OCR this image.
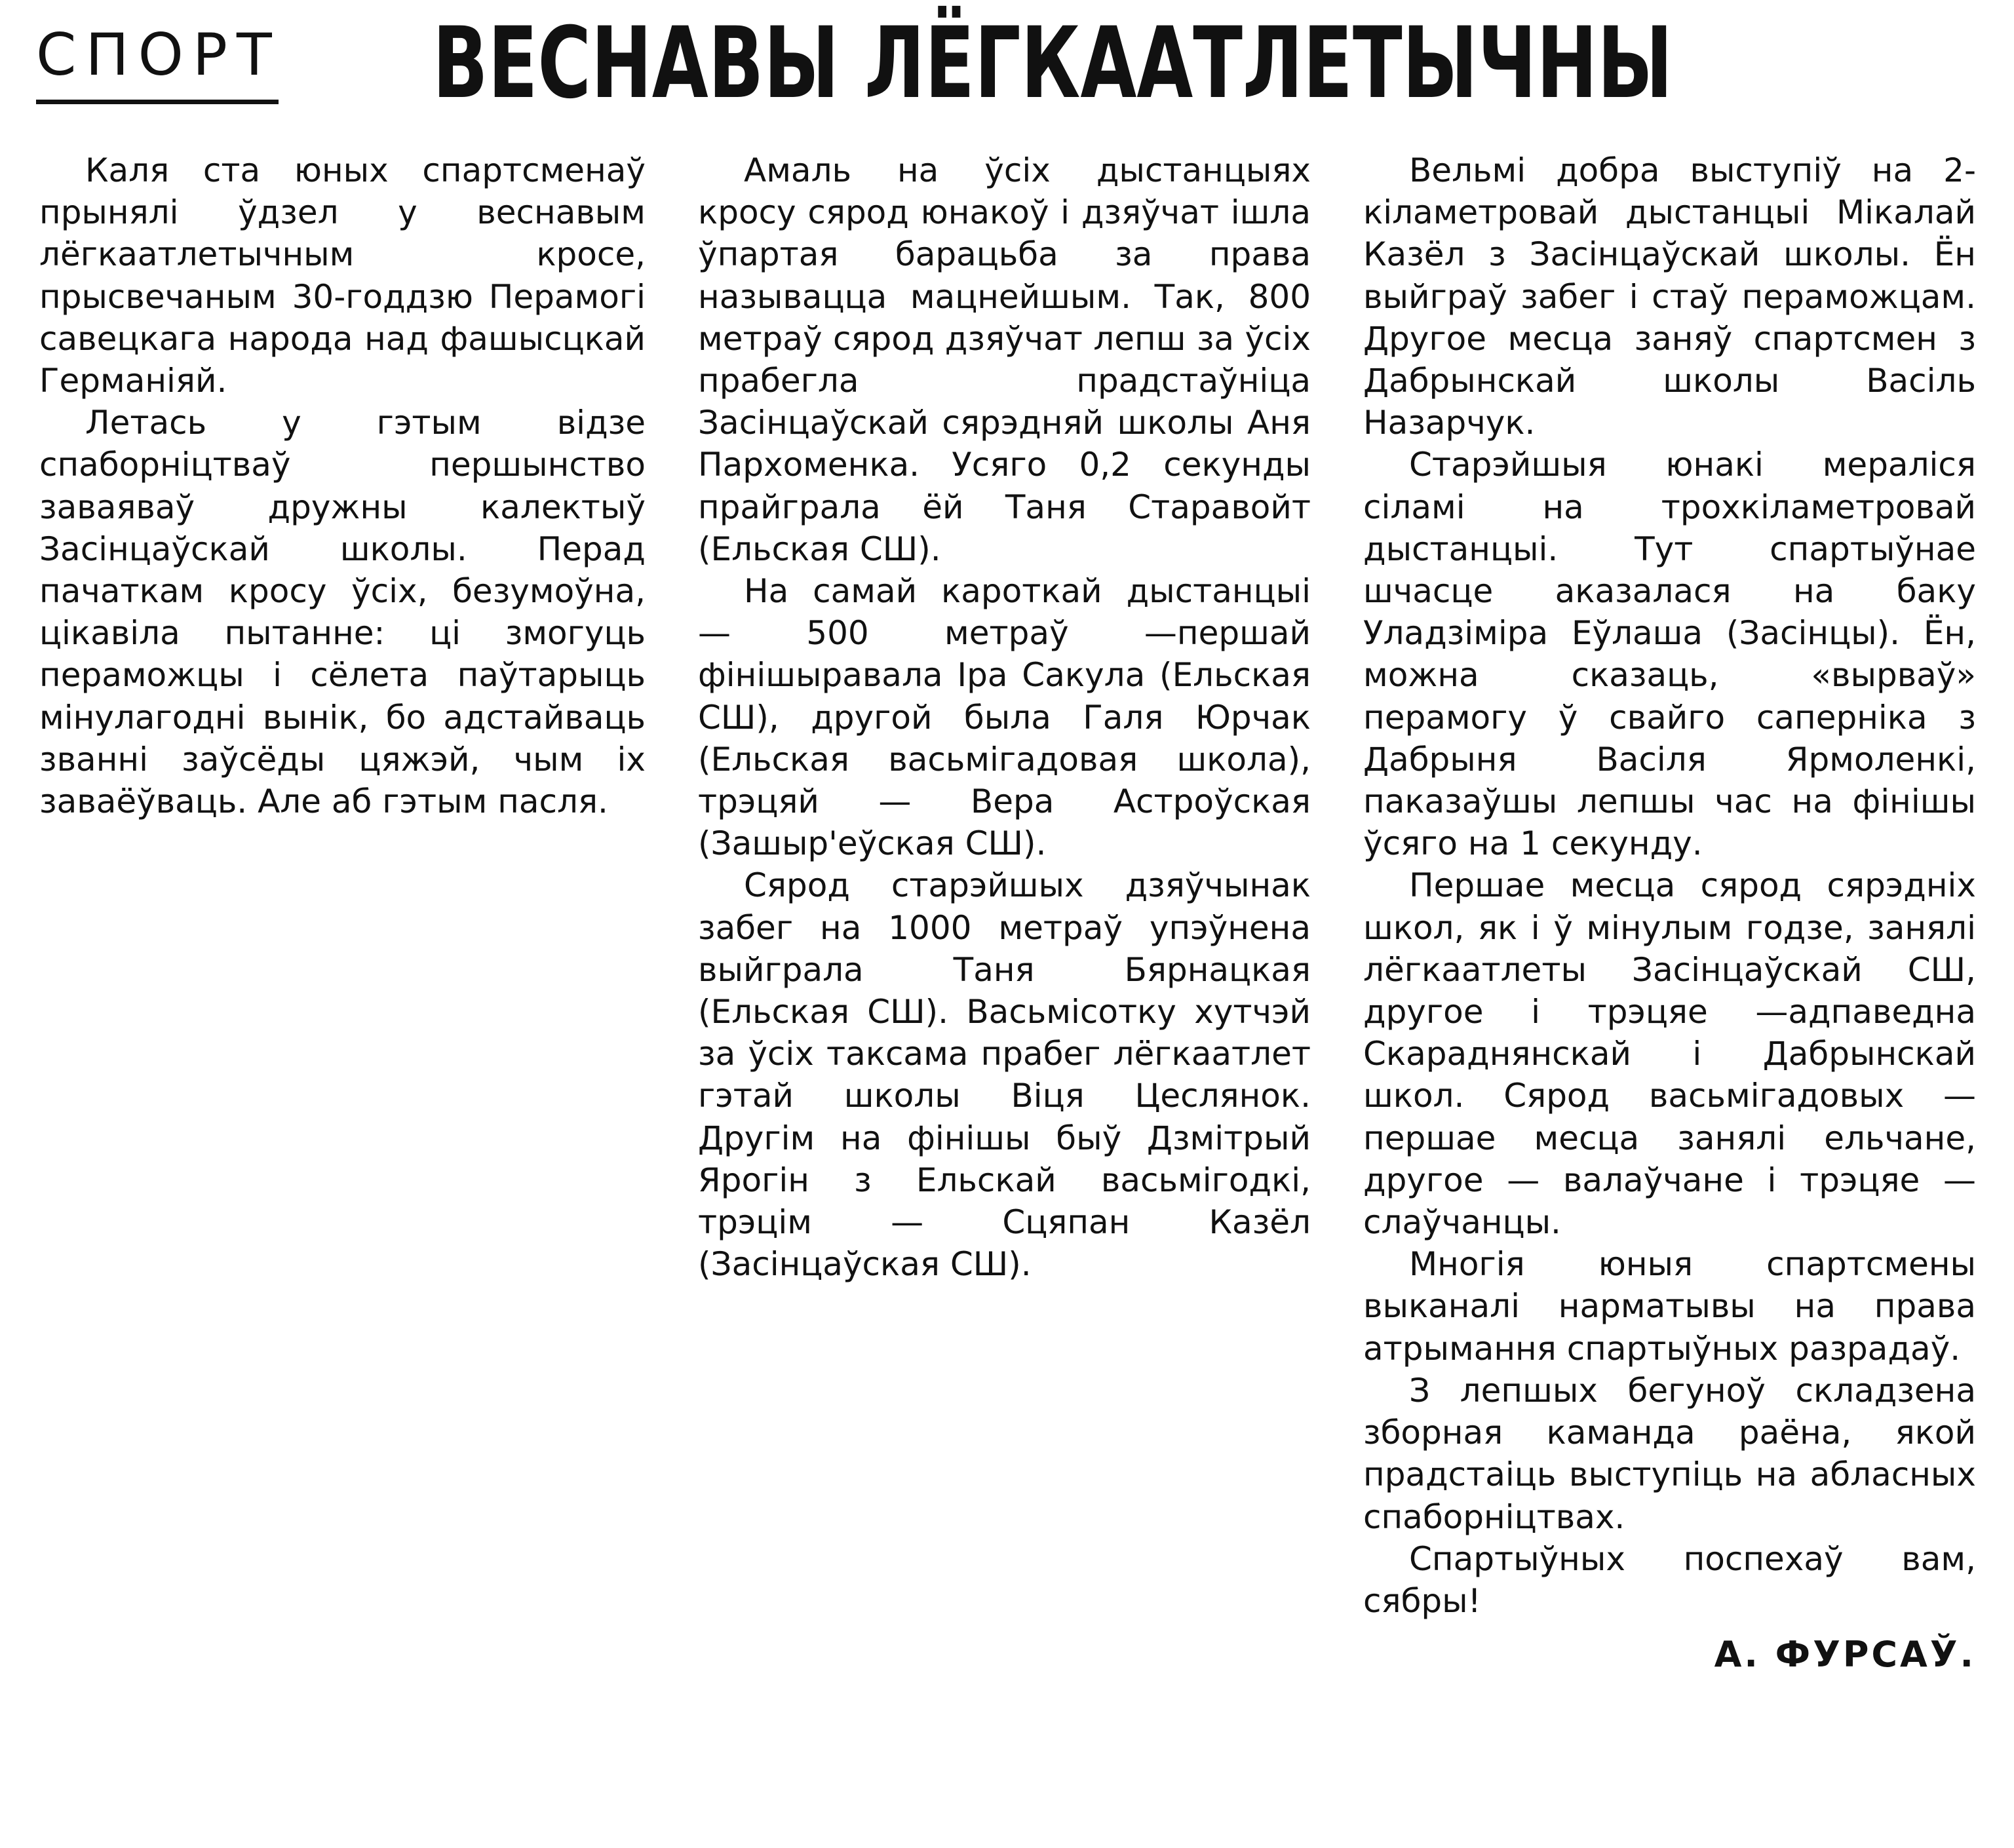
СПОРТ ВЕСНАВЫ ЛЁГКААТЛЕТЫЧНЫ

Каля ста юных спартсменаў прынялі ўдзел у веснавым лёгкаатлетычным кросе, прысвечаным 30-годдзю Перамогі савецкага народа над фашысцкай Германіяй.

Летась у гэтым відзе спаборніцтваў першынство заваяваў дружны калектыў Засінцаўскай школы. Перад пачаткам кросу ўсіх, безумоўна, цікавіла пытанне: ці змогуць пераможцы і сёлета паўтарыць мінулагодні вынік, бо адстайваць званні заўсёды цяжэй, чым іх заваёўваць. Але аб гэтым пасля.

Амаль на ўсіх дыстанцыях кросу сярод юнакоў і дзяўчат ішла ўпартая барацьба за права называцца мацнейшым. Так, 800 метраў сярод дзяўчат лепш за ўсіх прабегла прадстаўніца Засінцаўскай сярэдняй школы Аня Пархоменка. Усяго 0,2 секунды прайграла ёй Таня Старавойт (Ельская СШ).

На самай кароткай дыстанцыі — 500 метраў —першай фінішыравала Іра Сакула (Ельская СШ), другой была Галя Юрчак (Ельская васьмігадовая школа), трэцяй — Вера Астроўская (Зашыр'еўская СШ).

Сярод старэйшых дзяўчынак забег на 1000 метраў упэўнена выйграла Таня Бярнацкая (Ельская СШ). Васьмісотку хутчэй за ўсіх таксама прабег лёгкаатлет гэтай школы Віця Цеслянок. Другім на фінішы быў Дзмітрый Ярогін з Ельскай васьмігодкі, трэцім — Сцяпан Казёл (Засінцаўская СШ).

Вельмі добра выступіў на 2-кіламетровай дыстанцыі Мікалай Казёл з Засінцаўскай школы. Ён выйграў забег і стаў пераможцам. Другое месца заняў спартсмен з Дабрынскай школы Васіль Назарчук.

Старэйшыя юнакі мераліся сіламі на трохкіламетровай дыстанцыі. Тут спартыўнае шчасце аказалася на баку Уладзіміра Еўлаша (Засінцы). Ён, можна сказаць, «вырваў» перамогу ў свайго саперніка з Дабрыня Васіля Ярмоленкі, паказаўшы лепшы час на фінішы ўсяго на 1 секунду.

Першае месца сярод сярэдніх школ, як і ў мінулым годзе, занялі лёгкаатлеты Засінцаўскай СШ, другое і трэцяе —адпаведна Скараднянскай і Дабрынскай школ. Сярод васьмігадовых —першае месца занялі ельчане, другое — валаўчане і трэцяе —слаўчанцы.

Многія юныя спартсмены выканалі нарматывы на права атрымання спартыўных разрадаў.

З лепшых бегуноў складзена зборная каманда раёна, якой прадстаіць выступіць на абласных спаборніцтвах.

Спартыўных поспехаў вам, сябры!

А. ФУРСАЎ.
